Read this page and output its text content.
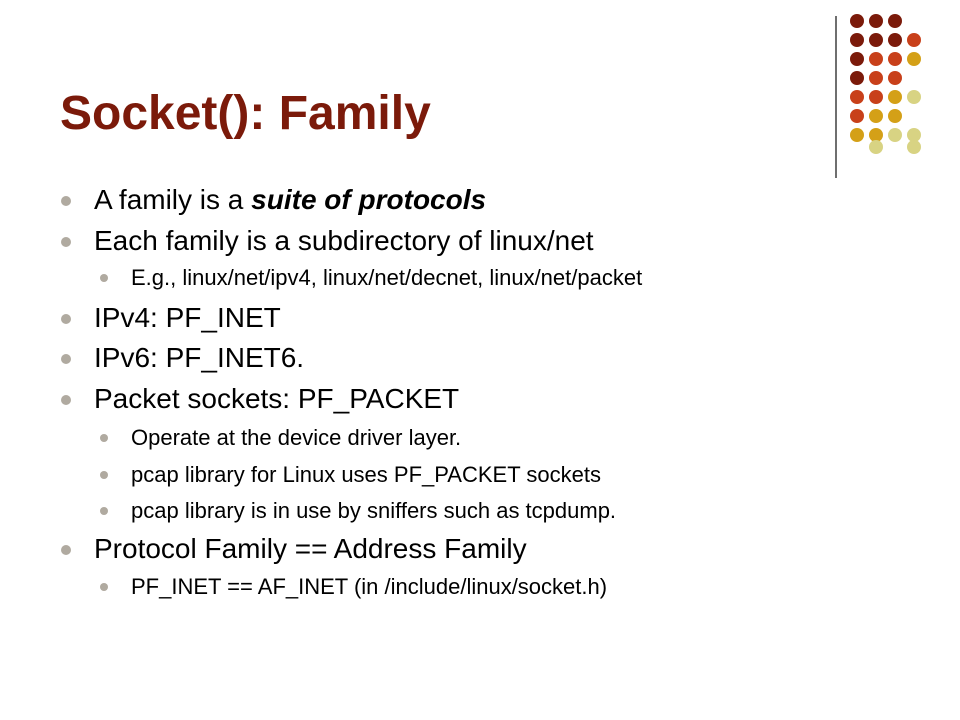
Socket(): Family
A family is a suite of protocols
Each family is a subdirectory of linux/net
E.g., linux/net/ipv4, linux/net/decnet, linux/net/packet
IPv4: PF_INET
IPv6: PF_INET6.
Packet sockets: PF_PACKET
Operate at the device driver layer.
pcap library for Linux uses PF_PACKET sockets
pcap library is in use by sniffers such as tcpdump.
Protocol Family == Address Family
PF_INET == AF_INET (in /include/linux/socket.h)
